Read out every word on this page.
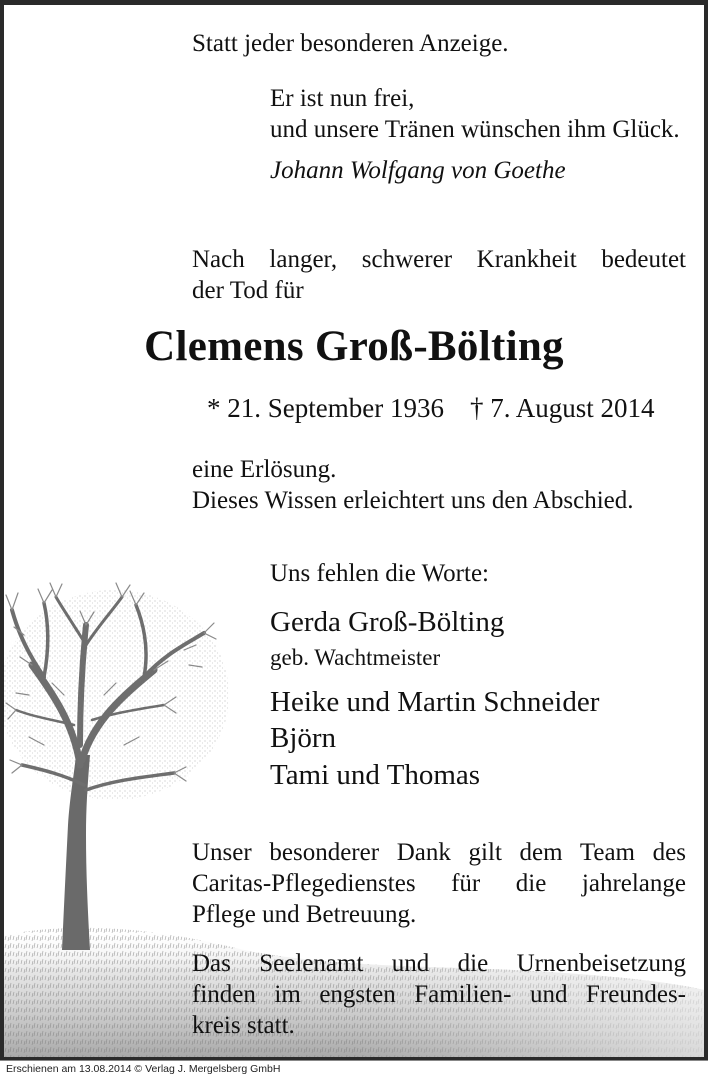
Statt jeder besonderen Anzeige.

Er ist nun frei,

und unsere Tränen wünschen ihm Glück.

Johann Wolfgang von Goethe

Nach langer, schwerer Krankheit bedeutet
der Tod für

Clemens Groß-Bölting

* 21. September 1936 † 7. August 2014

eine Erlösung.

Dieses Wissen erleichtert uns den Abschied.

Uns fehlen die Worte:

Gerda Groß-Bölting

geb. Wachtmeister

Heike und Martin Schneider

Björn

Tami und Thomas

Unser besonderer Dank gilt dem Team des
Caritas-Pflegedienstes für die jahrelange
Pflege und Betreuung.
Das Seelenamt und die Urnenbeisetzung
finden im engsten Familien- und Freundes-
kreis statt.
Erschienen am 13.08.2014 © Verlag J. Mergelsberg GmbH
